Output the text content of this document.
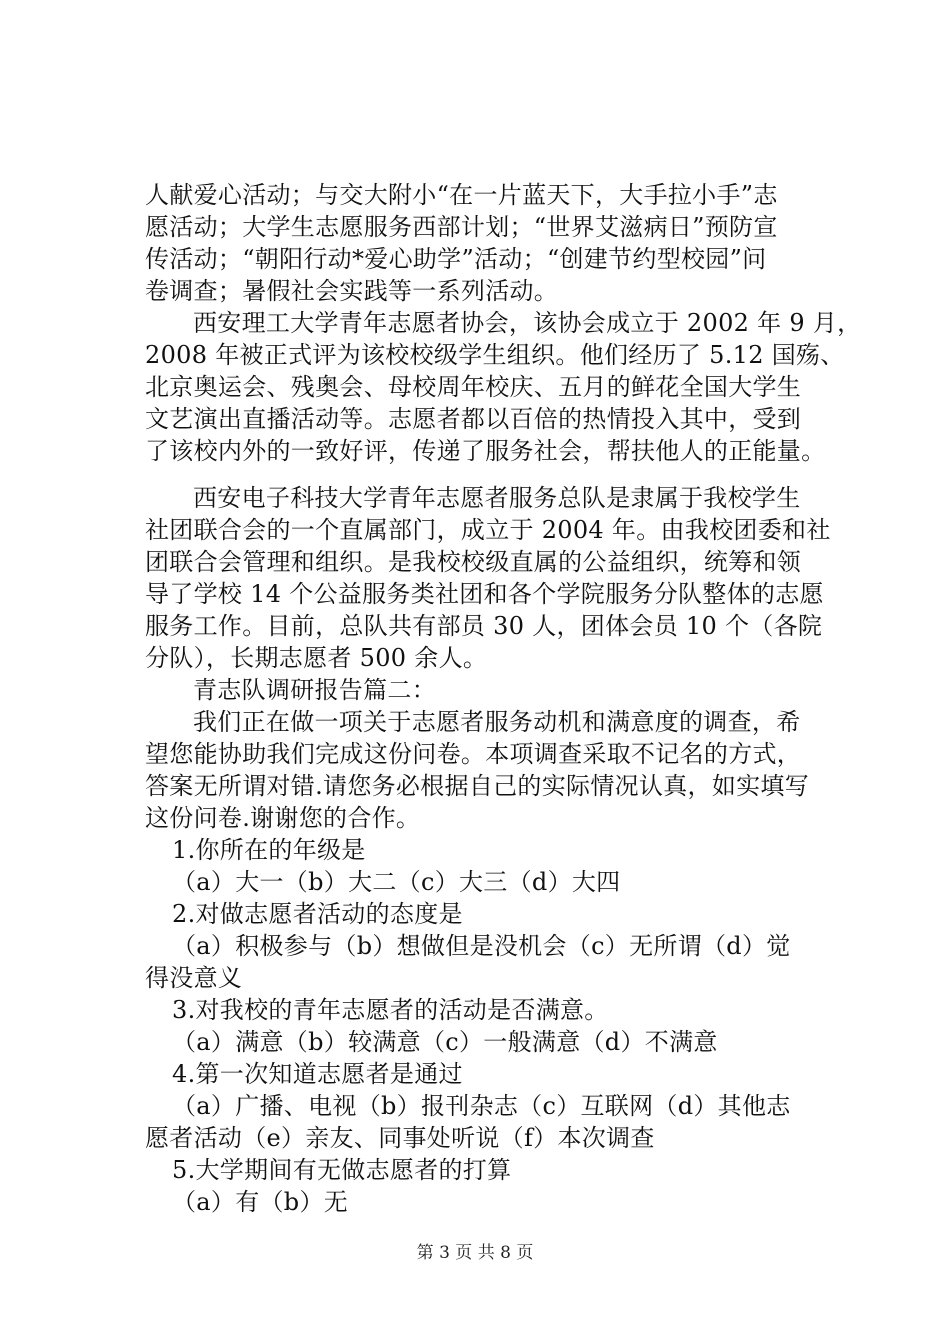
人献爱心活动；与交大附小“在一片蓝天下，大手拉小手”志
愿活动；大学生志愿服务西部计划；“世界艾滋病日”预防宣
传活动；“朝阳行动*爱心助学”活动；“创建节约型校园”问
卷调查；暑假社会实践等一系列活动。
西安理工大学青年志愿者协会，该协会成立于 2002 年 9 月，
2008 年被正式评为该校校级学生组织。他们经历了 5.12 国殇、
北京奥运会、残奥会、母校周年校庆、五月的鲜花全国大学生
文艺演出直播活动等。志愿者都以百倍的热情投入其中，受到
了该校内外的一致好评，传递了服务社会，帮扶他人的正能量。
西安电子科技大学青年志愿者服务总队是隶属于我校学生
社团联合会的一个直属部门，成立于 2004 年。由我校团委和社
团联合会管理和组织。是我校校级直属的公益组织，统筹和领
导了学校 14 个公益服务类社团和各个学院服务分队整体的志愿
服务工作。目前，总队共有部员 30 人，团体会员 10 个（各院
分队），长期志愿者 500 余人。
青志队调研报告篇二：
我们正在做一项关于志愿者服务动机和满意度的调查，希
望您能协助我们完成这份问卷。本项调查采取不记名的方式，
答案无所谓对错.请您务必根据自己的实际情况认真，如实填写
这份问卷.谢谢您的合作。
1.你所在的年级是
（a）大一（b）大二（c）大三（d）大四
2.对做志愿者活动的态度是
（a）积极参与（b）想做但是没机会（c）无所谓（d）觉
得没意义
3.对我校的青年志愿者的活动是否满意。
（a）满意（b）较满意（c）一般满意（d）不满意
4.第一次知道志愿者是通过
（a）广播、电视（b）报刊杂志（c）互联网（d）其他志
愿者活动（e）亲友、同事处听说（f）本次调查
5.大学期间有无做志愿者的打算
（a）有（b）无
第 3 页 共 8 页
